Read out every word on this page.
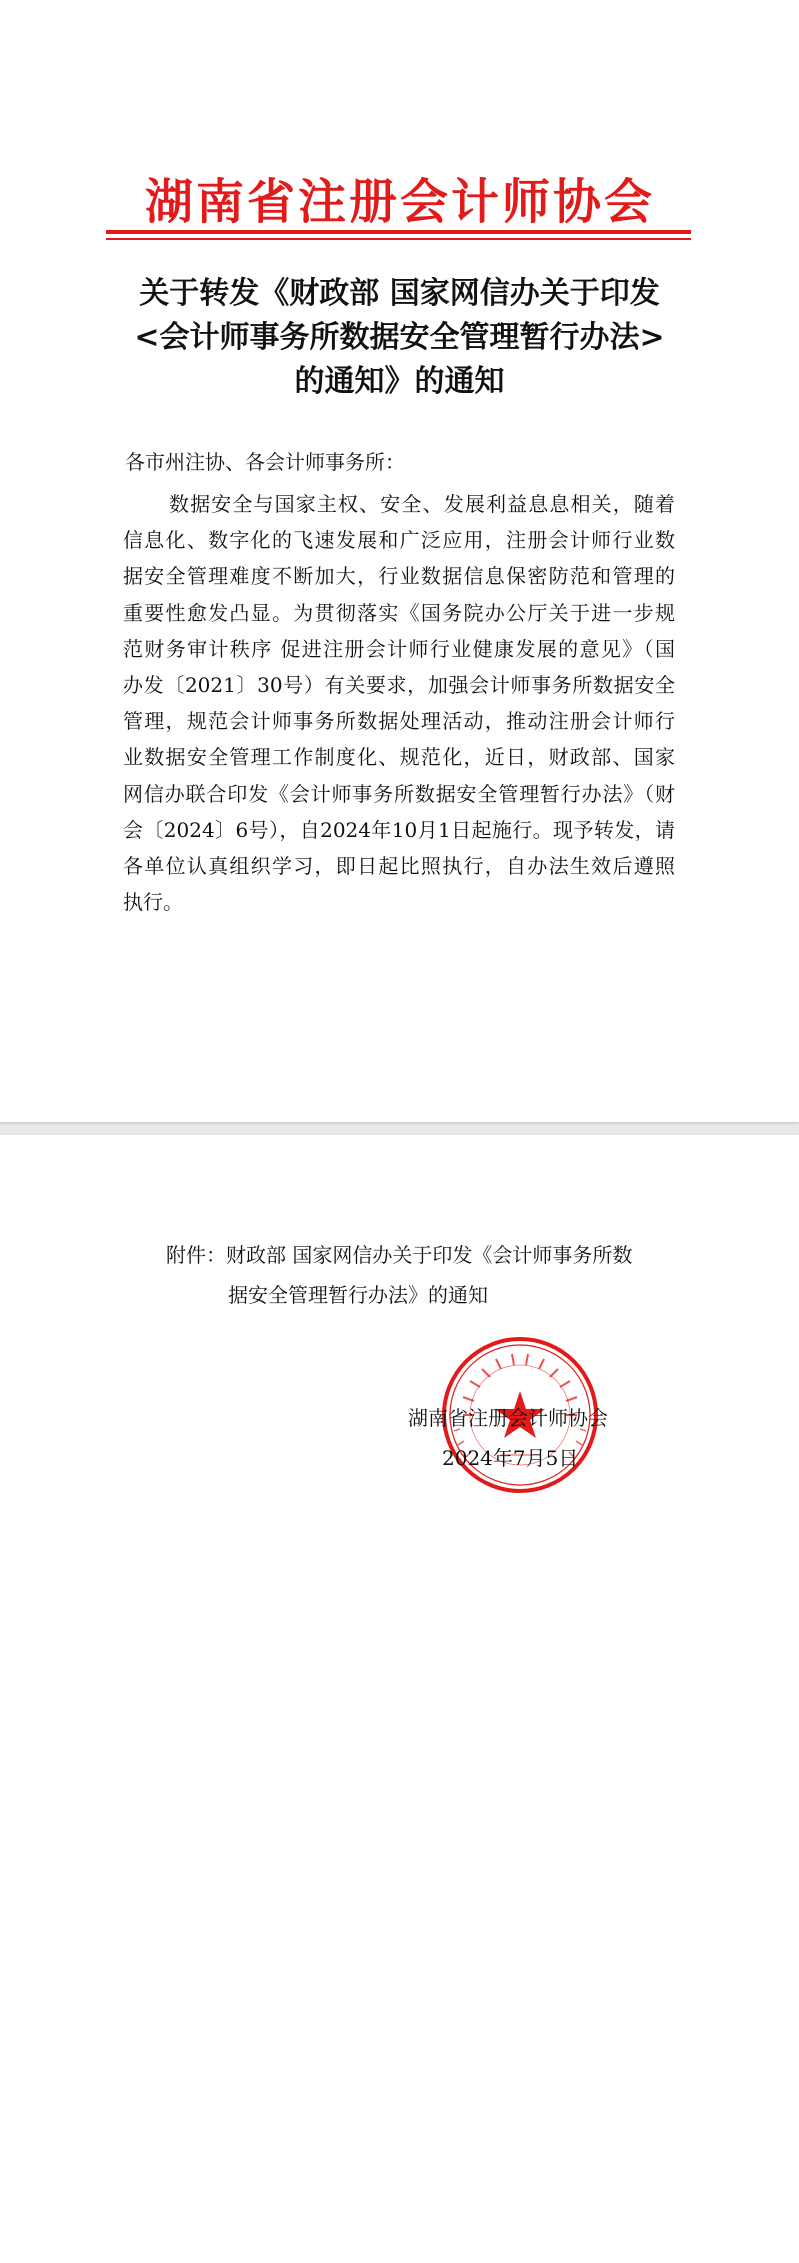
湖南省注册会计师协会
关于转发《财政部 国家网信办关于印发
<会计师事务所数据安全管理暂行办法>
的通知》的通知
各市州注协、各会计师事务所：
数据安全与国家主权、安全、发展利益息息相关，随着
信息化、数字化的飞速发展和广泛应用，注册会计师行业数
据安全管理难度不断加大，行业数据信息保密防范和管理的
重要性愈发凸显。为贯彻落实《国务院办公厅关于进一步规
范财务审计秩序 促进注册会计师行业健康发展的意见》（国
办发〔2021〕30号）有关要求，加强会计师事务所数据安全
管理，规范会计师事务所数据处理活动，推动注册会计师行
业数据安全管理工作制度化、规范化，近日，财政部、国家
网信办联合印发《会计师事务所数据安全管理暂行办法》（财
会〔2024〕6号），自2024年10月1日起施行。现予转发，请
各单位认真组织学习，即日起比照执行，自办法生效后遵照
执行。
附件：财政部 国家网信办关于印发《会计师事务所数
据安全管理暂行办法》的通知
湖南省注册会计师协会
2024年7月5日
